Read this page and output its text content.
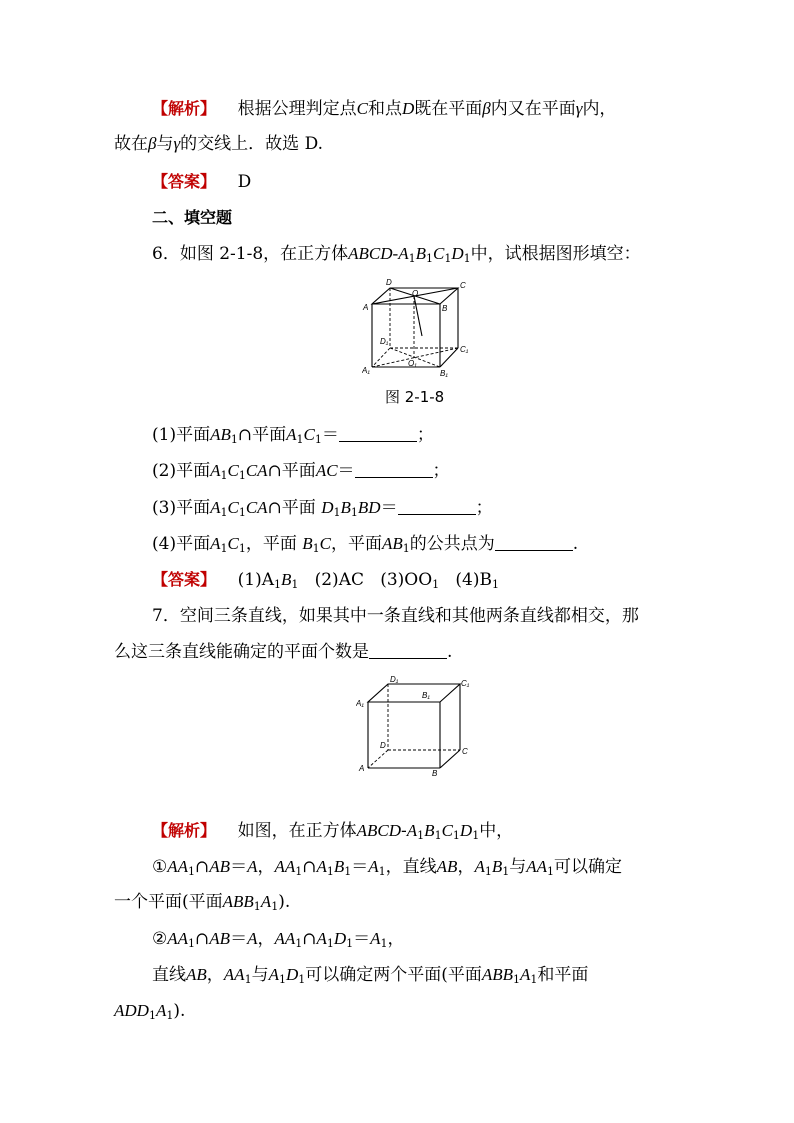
【解析】 根据公理判定点C和点D既在平面β内又在平面γ内，
故在β与γ的交线上．故选 D.
【答案】 D
二、填空题
6．如图 2-1-8，在正方体ABCD-A1B1C1D1中，试根据图形填空：
D
O
C
A	B
D₁
C₁
O₁
A₁	B₁
图 2-1-8
(1)平面AB1∩平面A1C1＝	；
(2)平面A1C1CA∩平面AC＝	；
(3)平面A1C1CA∩平面 D1B1BD＝	；
(4)平面A1C1，平面 B1C，平面AB1的公共点为	.
【答案】 (1)A1B1 (2)AC (3)OO1 (4)B1
7．空间三条直线，如果其中一条直线和其他两条直线都相交，那
么这三条直线能确定的平面个数是	.
D₁
B₁
C₁
A₁
D
C
A
B
【解析】 如图，在正方体ABCD-A1B1C1D1中，
①AA1∩AB＝A，AA1∩A1B1＝A1，直线AB，A1B1与AA1可以确定
一个平面(平面ABB1A1).
②AA1∩AB＝A，AA1∩A1D1＝A1，
直线AB，AA1与A1D1可以确定两个平面(平面ABB1A1和平面
ADD1A1).
